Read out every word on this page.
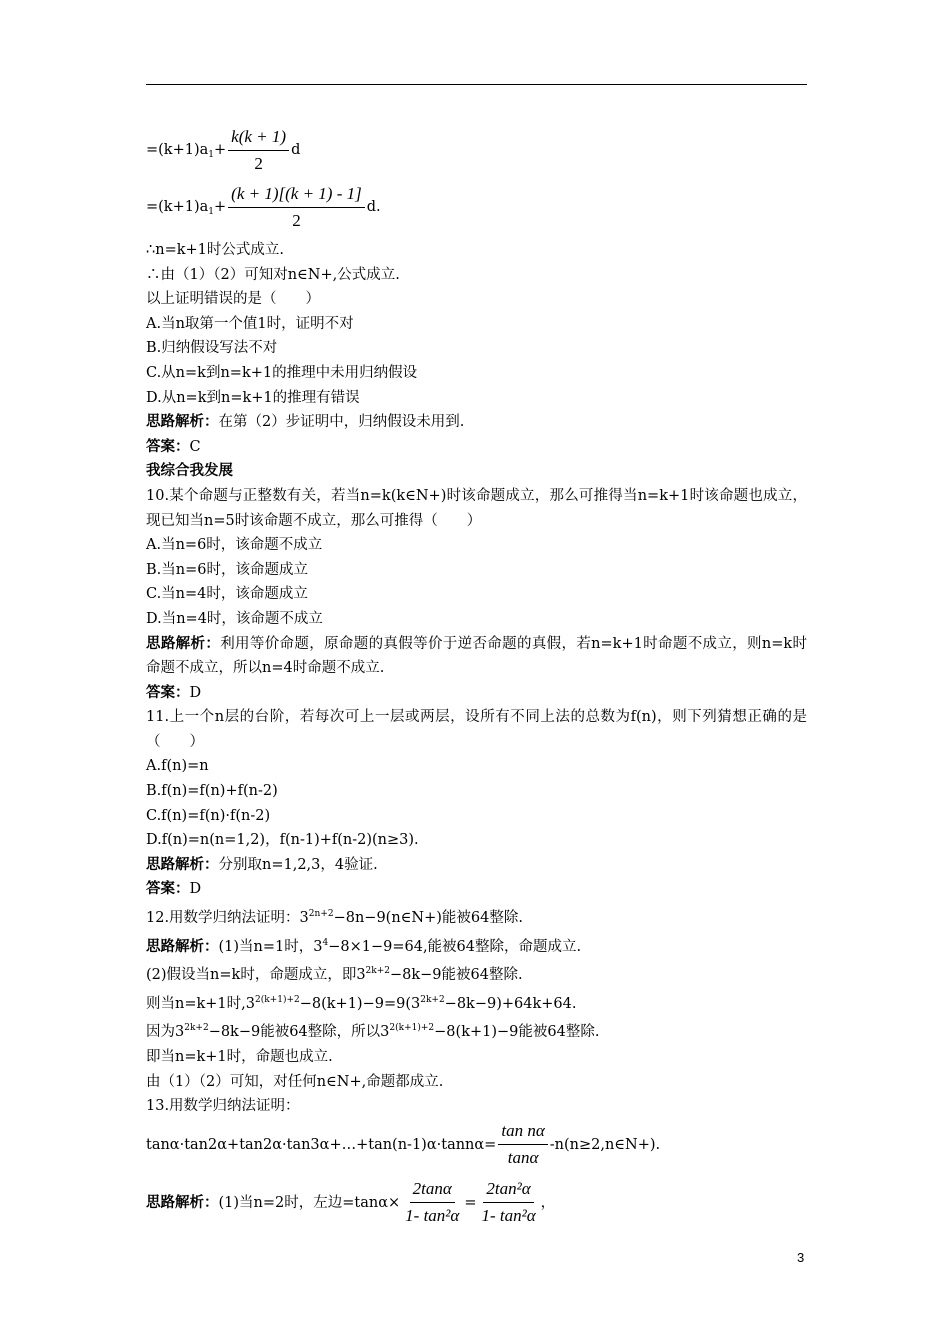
$=(k+1)a_1+ \frac{k(k + 1)}{2}$ d
$=(k+1)a_1+ \frac{(k + 1)[(k + 1) - 1]}{2} d$.
∴n=k+1时公式成立.
∴由（1）（2）可知对n∈N+,公式成立.
以上证明错误的是（　　）
A.当n取第一个值1时，证明不对
B.归纳假设写法不对
C.从n=k到n=k+1的推理中未用归纳假设
D.从n=k到n=k+1的推理有错误
思路解析：在第（2）步证明中，归纳假设未用到.
答案：C
我综合我发展
10.某个命题与正整数有关，若当n=k(k∈N+)时该命题成立，那么可推得当n=k+1时该命题也成立，现已知当n=5时该命题不成立，那么可推得（　　）
A.当n=6时，该命题不成立
B.当n=6时，该命题成立
C.当n=4时，该命题成立
D.当n=4时，该命题不成立
思路解析：利用等价命题，原命题的真假等价于逆否命题的真假，若n=k+1时命题不成立，则n=k时命题不成立，所以n=4时命题不成立.
答案：D
11.上一个n层的台阶，若每次可上一层或两层，设所有不同上法的总数为f(n)，则下列猜想正确的是（　　）
A.f(n)=n
B.f(n)=f(n)+f(n-2)
C.f(n)=f(n)·f(n-2)
D.f(n)=n(n=1,2)，f(n-1)+f(n-2)(n≥3).
思路解析：分别取n=1,2,3，4验证.
答案：D
12.用数学归纳法证明：$3^{2n+2}-8n-9(n\in N+)$能被64整除.
思路解析：(1)当n=1时，$3^4-8\times 1-9=64$,能被64整除，命题成立.
(2)假设当n=k时，命题成立，即$3^{2k+2}-8k-9$能被64整除.
则当n=k+1时$,3^{2(k+1)+2}-8(k+1)-9=9(3^{2k+2}-8k-9)+64k+64$.
因为$3^{2k+2}-8k-9$能被64整除，所以$3^{2(k+1)+2}-8(k+1)-9$能被64整除.
即当n=k+1时，命题也成立.
由（1）（2）可知，对任何n∈N+,命题都成立.
13.用数学归纳法证明：
tanα·tan2α+tan2α·tan3α+…+tan(n-1)α·tannα= $\frac{\text{tan nα}}{\tan\alpha}$ -n(n≥2,n∈N+).
思路解析：(1)当n=2时，左边$=\tan\alpha\times \frac{2\tan\alpha}{\text{1- tan²α}} = \frac{\text{2tan²α}}{\text{1- tan²α}}$ ，
3
